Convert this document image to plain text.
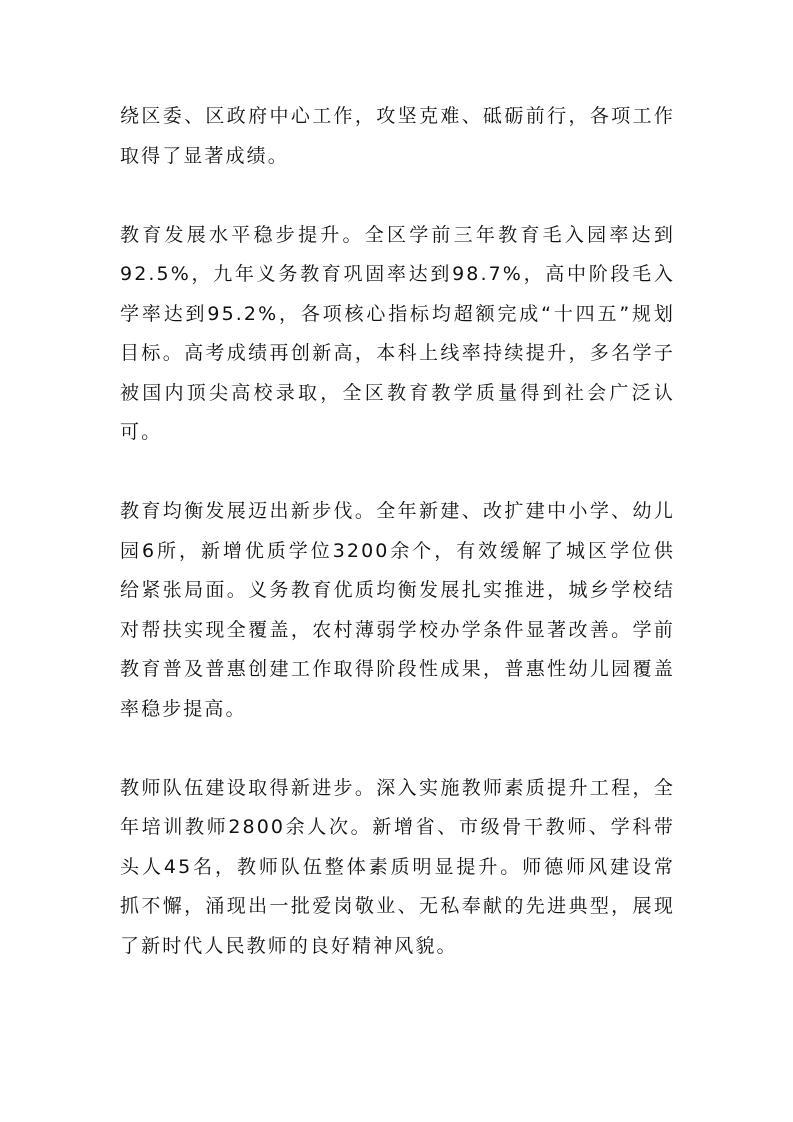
绕区委、区政府中心工作，攻坚克难、砥砺前行，各项工作取得了显著成绩。

教育发展水平稳步提升。全区学前三年教育毛入园率达到92.5%，九年义务教育巩固率达到98.7%，高中阶段毛入学率达到95.2%，各项核心指标均超额完成“十四五”规划目标。高考成绩再创新高，本科上线率持续提升，多名学子被国内顶尖高校录取，全区教育教学质量得到社会广泛认可。

教育均衡发展迈出新步伐。全年新建、改扩建中小学、幼儿园6所，新增优质学位3200余个，有效缓解了城区学位供给紧张局面。义务教育优质均衡发展扎实推进，城乡学校结对帮扶实现全覆盖，农村薄弱学校办学条件显著改善。学前教育普及普惠创建工作取得阶段性成果，普惠性幼儿园覆盖率稳步提高。

教师队伍建设取得新进步。深入实施教师素质提升工程，全年培训教师2800余人次。新增省、市级骨干教师、学科带头人45名，教师队伍整体素质明显提升。师德师风建设常抓不懈，涌现出一批爱岗敬业、无私奉献的先进典型，展现了新时代人民教师的良好精神风貌。
